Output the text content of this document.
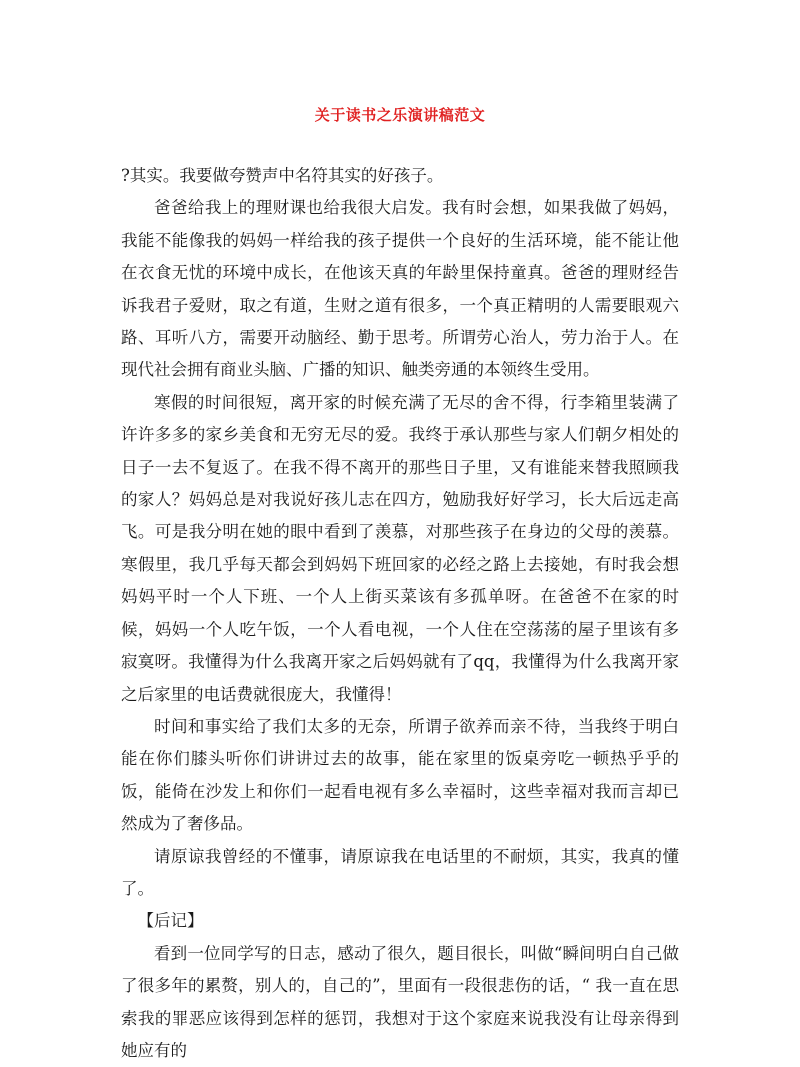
关于读书之乐演讲稿范文

?其实。我要做夸赞声中名符其实的好孩子。

爸爸给我上的理财课也给我很大启发。我有时会想，如果我做了妈妈，我能不能像我的妈妈一样给我的孩子提供一个良好的生活环境，能不能让他在衣食无忧的环境中成长，在他该天真的年龄里保持童真。爸爸的理财经告诉我君子爱财，取之有道，生财之道有很多，一个真正精明的人需要眼观六路、耳听八方，需要开动脑经、勤于思考。所谓劳心治人，劳力治于人。在现代社会拥有商业头脑、广播的知识、触类旁通的本领终生受用。

寒假的时间很短，离开家的时候充满了无尽的舍不得，行李箱里装满了许许多多的家乡美食和无穷无尽的爱。我终于承认那些与家人们朝夕相处的日子一去不复返了。在我不得不离开的那些日子里，又有谁能来替我照顾我的家人？妈妈总是对我说好孩儿志在四方，勉励我好好学习，长大后远走高飞。可是我分明在她的眼中看到了羡慕，对那些孩子在身边的父母的羡慕。寒假里，我几乎每天都会到妈妈下班回家的必经之路上去接她，有时我会想妈妈平时一个人下班、一个人上街买菜该有多孤单呀。在爸爸不在家的时候，妈妈一个人吃午饭，一个人看电视，一个人住在空荡荡的屋子里该有多寂寞呀。我懂得为什么我离开家之后妈妈就有了qq，我懂得为什么我离开家之后家里的电话费就很庞大，我懂得！

时间和事实给了我们太多的无奈，所谓子欲养而亲不待，当我终于明白能在你们膝头听你们讲讲过去的故事，能在家里的饭桌旁吃一顿热乎乎的饭，能倚在沙发上和你们一起看电视有多么幸福时，这些幸福对我而言却已然成为了奢侈品。

请原谅我曾经的不懂事，请原谅我在电话里的不耐烦，其实，我真的懂了。

【后记】

看到一位同学写的日志，感动了很久，题目很长，叫做“瞬间明白自己做了很多年的累赘，别人的，自己的”，里面有一段很悲伤的话，“ 我一直在思索我的罪恶应该得到怎样的惩罚，我想对于这个家庭来说我没有让母亲得到她应有的
